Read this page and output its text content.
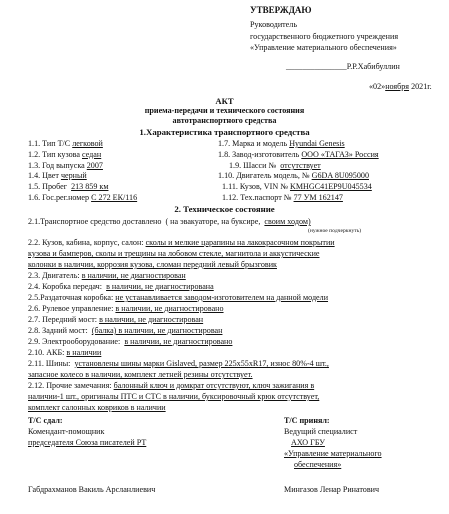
УТВЕРЖДАЮ
Руководитель
государственного бюджетного учреждения
«Управление материального обеспечения»
_______________Р.Р.Хабибуллин
«02»ноября 2021г.
АКТ
приема-передачи и технического состояния
автотранспортного средства
1.Характеристика транспортного средства
1.1. Тип Т/С легковой
1.2. Тип кузова седан
1.3. Год выпуска 2007
1.4. Цвет черный
1.5. Пробег 213 859 км
1.6. Гос.рег.номер С 272 ЕК/116
1.7. Марка и модель Hyundai Genesis
1.8. Завод-изготовитель ООО «ТАГАЗ» Россия
1.9. Шасси № отсутствует
1.10. Двигатель модель, № G6DA 8U095000
1.11. Кузов, VIN № KMHGC41EP9U045534
1.12. Тех.паспорт № 77 УМ 162147
2. Техническое состояние
2.1.Транспортное средство доставлено ( на эвакуаторе, на буксире, своим ходом)
(нужное подчеркнуть)
2.2. Кузов, кабина, корпус, салон: сколы и мелкие царапины на лакокрасочном покрытии
кузова и бамперов, сколы и трещины на лобовом стекле, магнитола и аккустические
колонки в наличии, коррозия кузова, сломан передний левый брызговик
2.3. Двигатель: в наличии, не диагностирован
2.4. Коробка передач: в наличии, не диагностирована
2.5.Раздаточная коробка: не устанавливается заводом-изготовителем на данной модели
2.6. Рулевое управление: в наличии, не диагностировано
2.7. Передний мост: в наличии, не диагностирован
2.8. Задний мост: (балка) в наличии, не диагностирован
2.9. Электрооборудование: в наличии, не диагностировано
2.10. АКБ: в наличии
2.11. Шины: установлены шины марки Gislaved, размер 225х55хR17, износ 80%-4 шт.,
запасное колесо в наличии, комплект летней резины отсутствует.
2.12. Прочие замечания: балонный ключ и домкрат отсутствуют, ключ зажигания в
наличии-1 шт., оригиналы ПТС и СТС в наличии, буксировочный крюк отсутствует,
комплект салонных ковриков в наличии
Т/С сдал:
Комендант-помощник
председателя Союза писателей РТ
Габдрахманов Вакиль Арсланлиевич
Т/С принял:
Ведущий специалист
АХО ГБУ
«Управление материального
обеспечения»
Мингазов Ленар Ринатович
